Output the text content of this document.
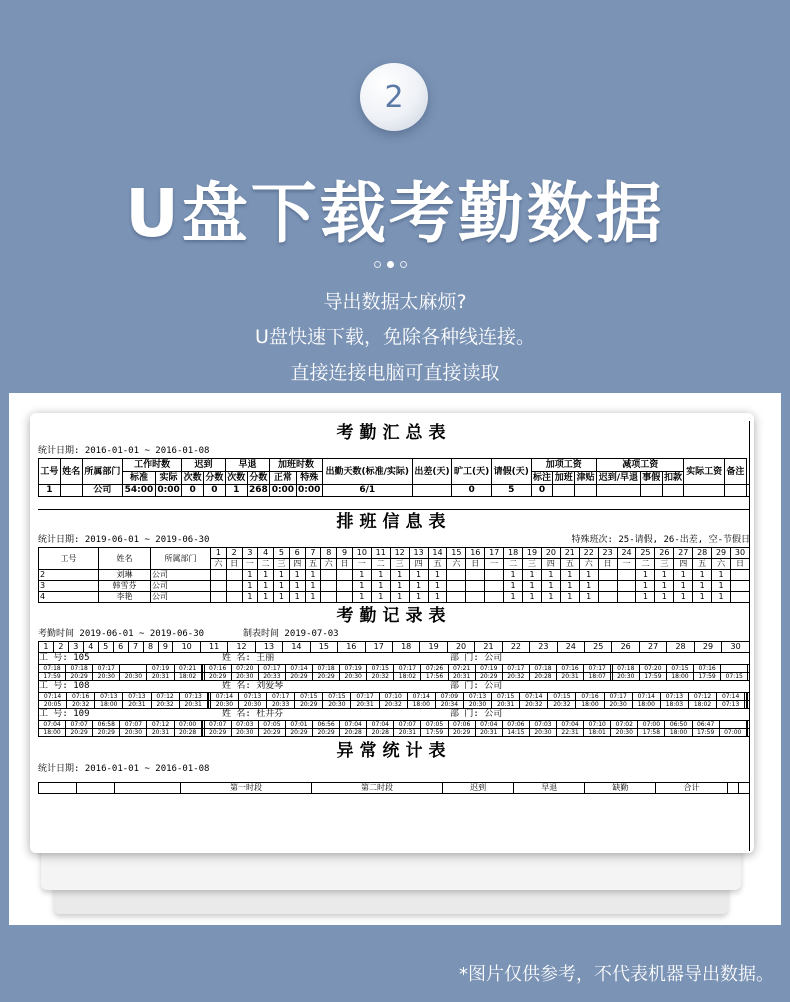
2
U盘下载考勤数据
导出数据太麻烦?
U盘快速下载，免除各种线连接。
直接连接电脑可直接读取
考勤汇总表
统计日期: 2016-01-01 ~ 2016-01-08
工号	姓名	所属部门	工作时数		迟到		早退		加班时数		出勤天数(标准/实际)	出差(天)	旷工(天)	请假(天)	加项工资			减项工资			实际工资	备注	
			标准	实际	次数	分数	次数	分数	正常	特殊					标注	加班	津贴	迟到/早退	事假	扣款			
1		公司	54:00	0:00	0	0	1	268	0:00	0:00	6/1		0	5	0								
排班信息表
统计日期: 2019-06-01 ~ 2019-06-30	特殊班次: 25-请假, 26-出差, 空-节假日
工号	姓名	所属部门	1	2	3	4	5	6	7	8	9	10	11	12	13	14	15	16	17	18	19	20	21	22	23	24	25	26	27	28	29	30
			六	日	一	二	三	四	五	六	日	一	二	三	四	五	六	日	一	二	三	四	五	六	日	一	二	三	四	五	六	日
2	刘琳	公司			1	1	1	1	1			1	1	1	1	1				1	1	1	1	1			1	1	1	1	1	
3	韩雪芬	公司			1	1	1	1	1			1	1	1	1	1				1	1	1	1	1			1	1	1	1	1	
4	李艳	公司			1	1	1	1	1			1	1	1	1	1				1	1	1	1	1			1	1	1	1	1	
考勤记录表
考勤时间 2019-06-01 ~ 2019-06-30	制表时间 2019-07-03
1	2	3	4	5	6	7	8	9	10	11	12	13	14	15	16	17	18	19	20	21	22	23	24	25	26	27	28	29	30
工 号: 105	姓 名: 王丽	部 门: 公司
07:18	07:18	07:17		07:19	07:21			07:16	07:20	07:17	07:14	07:18	07:19	07:15	07:17	07:26	07:21	07:19	07:17	07:18	07:16	07:17		07:18	07:20	07:15	07:16		
17:59	20:29	20:30	20:30	20:31	18:02			20:29	20:30	20:33	20:29	20:29	20:30	20:32	18:02	17:56	20:31	20:29	20:32	20:28	20:31	18:07		20:30	17:59	18:00	17:59	07:15	
工 号: 108	姓 名: 刘爱琴	部 门: 公司
07:14	07:16	07:13	07:13	07:12	07:13			07:14	07:13	07:17	07:15	07:15	07:17	07:10	07:14	07:09	07:13	07:15	07:14	07:15	07:16	07:17	07:14	07:13	07:12	07:14			
20:05	20:32	18:00	20:31	20:32	20:31			20:30	20:30	20:33	20:29	20:30	20:31	20:32	18:00	20:34	20:30	20:31	20:32	20:32	18:00	20:30	18:00	18:03	18:02	07:13			
工 号: 109	姓 名: 杜井芬	部 门: 公司
07:04	07:07	06:58	07:07	07:12	07:00			07:07	07:03	07:05	07:01	06:56	07:04	07:04	07:07	07:05	07:06	07:04	07:06	07:03	07:04	07:10	07:02	07:00	06:50	06:47			
18:00	20:29	20:29	20:30	20:31	20:28			20:29	20:30	20:29	20:29	20:29	20:28	20:28	20:31	17:59	20:29	20:31	14:15	20:30	22:31	18:01	20:30	17:58	18:00	17:59	07:00		
异常统计表
统计日期: 2016-01-01 ~ 2016-01-08
			第一时段	第二时段	迟到	早退	缺勤	合计		
*图片仅供参考，不代表机器导出数据。
